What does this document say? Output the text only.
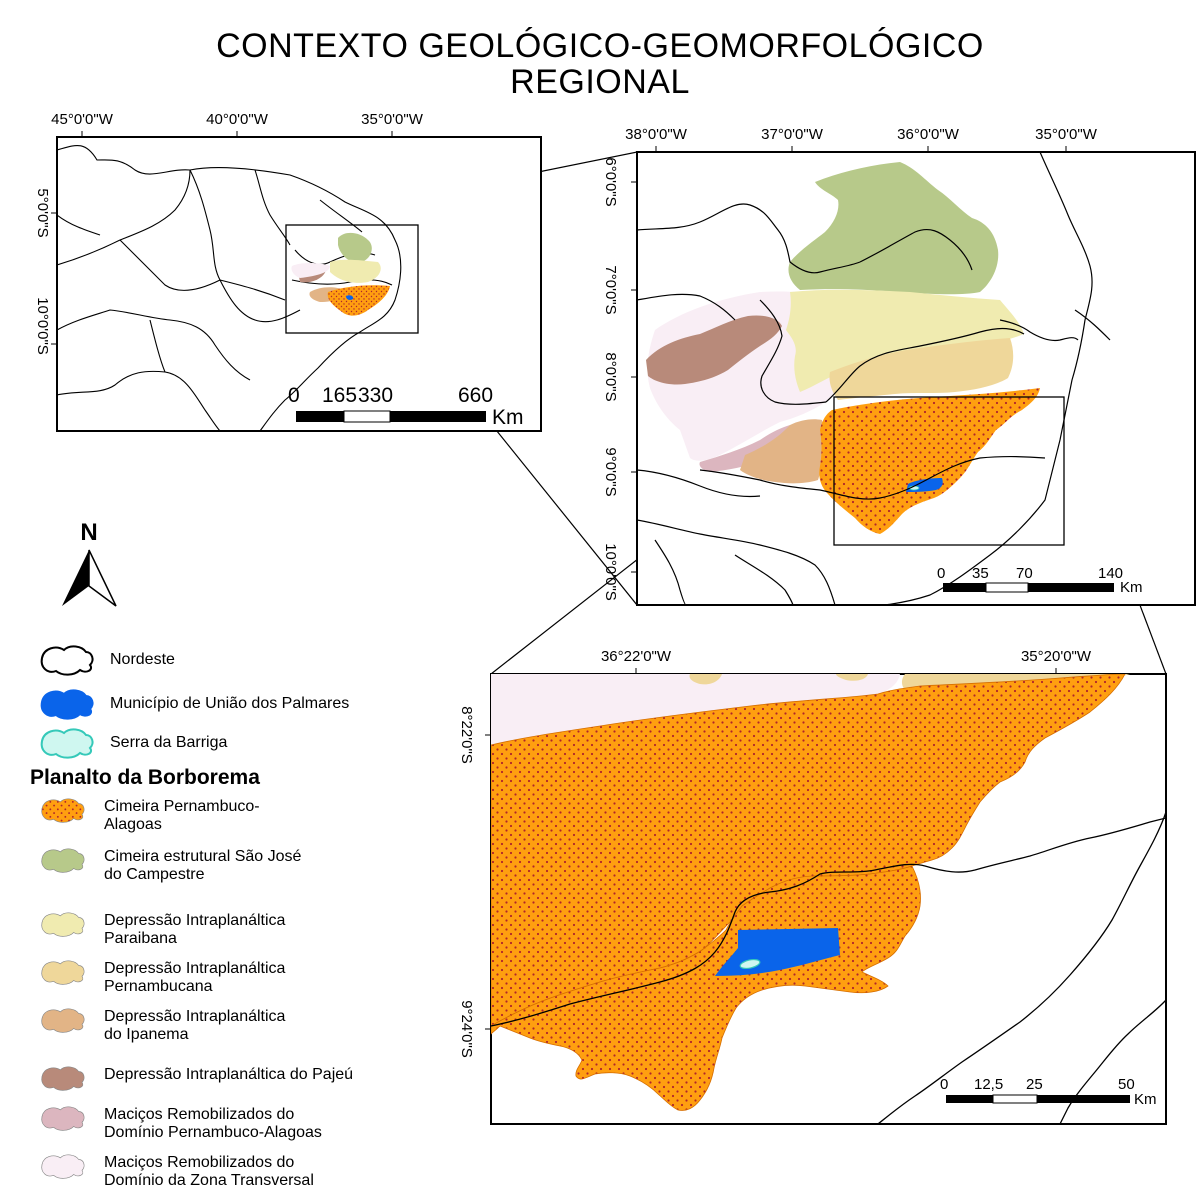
CONTEXTO GEOLÓGICO-GEOMORFOLÓGICO
REGIONAL
45°0'0"W	40°0'0"W	35°0'0"W
5°0'0"S
10°0'0"S
0 165 330	660
Km
38°0'0"W	37°0'0"W	36°0'0"W	35°0'0"W
6°0'0"S
7°0'0"S
8°0'0"S
9°0'0"S
10°0'0"S	0 35 70	140
Km
36°22'0"W	35°20'0"W
8°22'0"S
9°24'0"S
0 12,5 25	50
Km
N
Nordeste
Município de União dos Palmares
Serra da Barriga
Planalto da Borborema
Cimeira Pernambuco-
Alagoas
Cimeira estrutural São José
do Campestre
Depressão Intraplanáltica
Paraibana
Depressão Intraplanáltica
Pernambucana
Depressão Intraplanáltica
do Ipanema
Depressão Intraplanáltica do Pajeú
Maciços Remobilizados do
Domínio Pernambuco-Alagoas
Maciços Remobilizados do
Domínio da Zona Transversal
